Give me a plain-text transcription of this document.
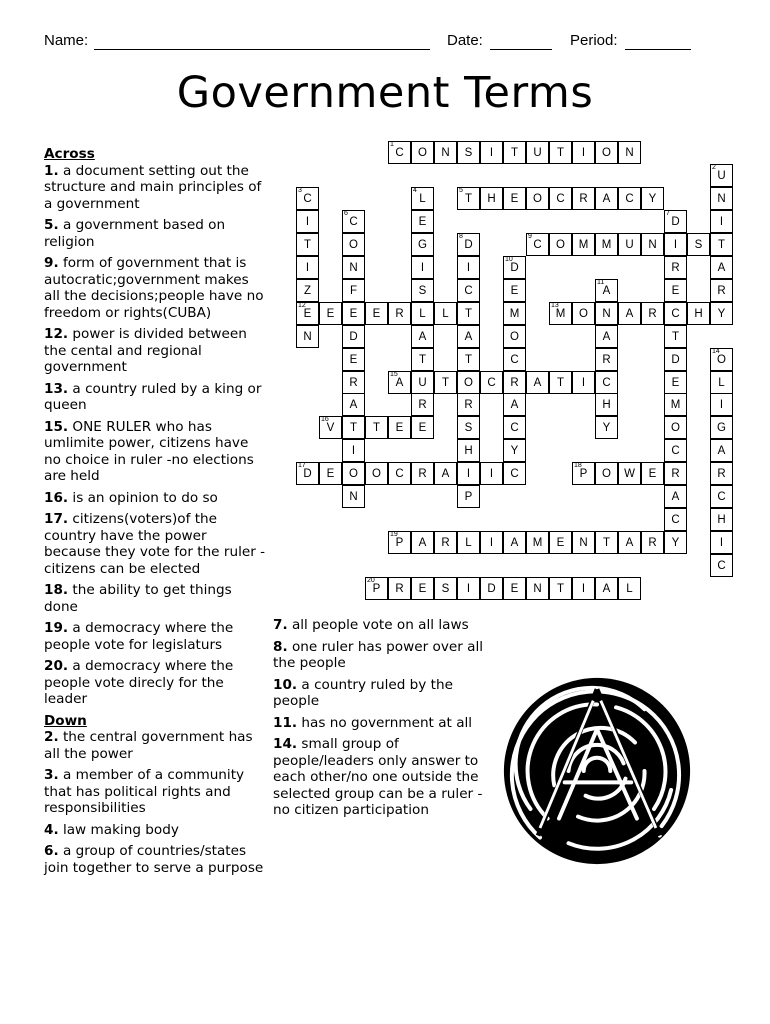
Name:	Date:	Period:
Government Terms
1
C	O	N	S	I	T	U	T	I	O	N
2
U
N
I
T
A
R
Y
3
C
I
T
I
Z
12
E
N
4
L
E
G
I
S
L
A
T
U
R
E
5
T	H	E	O	C	R	A	C	Y
6
C
O
N
F
E
D
E
R
A
T
I
O
N
7
D
I
R
E
C
T
D
E
M
O
C
R
A
C
Y
8
D
I
C
T
A
T
O
R
S
H
I
P
9
C	O	M	M	U	N	S
10
D
E
M
O
C
R
A
C
Y
11
A
N
A
R
C
H
Y
E	E	R	L
13
M	O	A	R	H
14
O
L
I
G
A
R
C
H
I
C
15
A	T	C	A	T	I
16
V	T	E
17
D	E	O	C	R	A	I	C
18
P	O	W	E
19
P	A	R	L	I	A	M	E	N	T	A	R
20
P	R	E	S	I	D	E	N	T	I	A	L

Across

1. a document setting out the structure and main principles of a government

5. a government based on religion

9. form of government that is autocratic;government makes all the decisions;people have no freedom or rights(CUBA)

12. power is divided between the cental and regional government

13. a country ruled by a king or queen

15. ONE RULER who has umlimite power, citizens have no choice in ruler -no elections are held

16. is an opinion to do so

17. citizens(voters)of the country have the power because they vote for the ruler -citizens can be elected

18. the ability to get things done

19. a democracy where the people vote for legislaturs

20. a democracy where the people vote direcly for the leader

Down

2. the central government has all the power

3. a member of a community that has political rights and responsibilities

4. law making body

6. a group of countries/states join together to serve a purpose

7. all people vote on all laws

8. one ruler has power over all the people

10. a country ruled by the people

11. has no government at all

14. small group of people/leaders only answer to each other/no one outside the selected group can be a ruler -no citizen participation
